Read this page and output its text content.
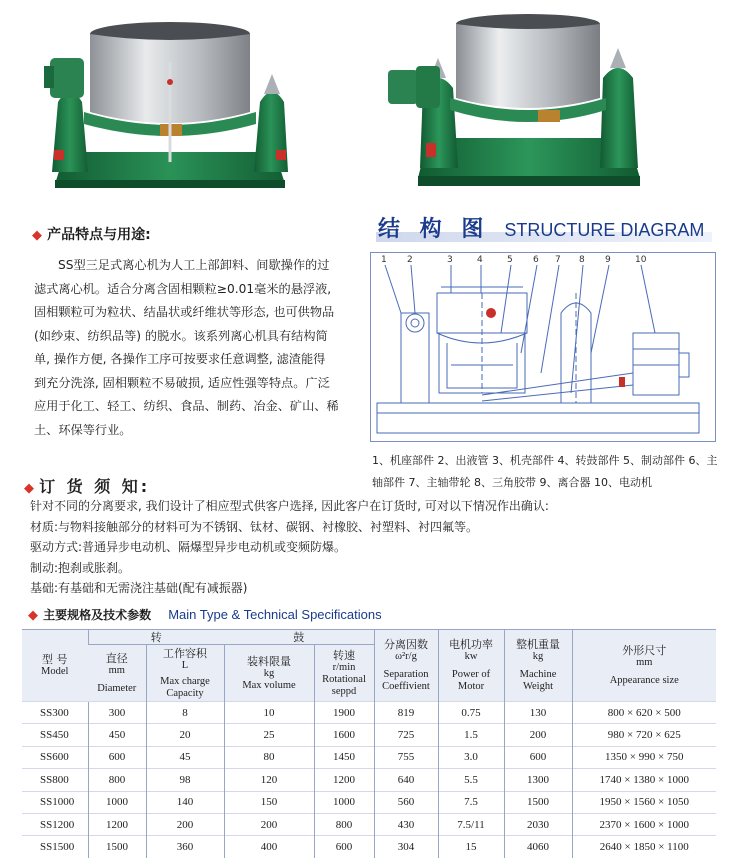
◆ 产品特点与用途:
SS型三足式离心机为人工上部卸料、间歇操作的过
滤式离心机。适合分离含固相颗粒≥0.01毫米的悬浮液,
固相颗粒可为粒状、结晶状或纤维状等形态, 也可供物品
(如纱束、纺织品等) 的脱水。该系列离心机具有结构简
单, 操作方便, 各操作工序可按要求任意调整, 滤渣能得
到充分洗涤, 固相颗粒不易破损, 适应性强等特点。广泛
应用于化工、轻工、纺织、食品、制药、冶金、矿山、稀
土、环保等行业。
结 构 图 STRUCTURE DIAGRAM
1 2	3	4	5 6 7 8 9	10
1、机座部件 2、出液管 3、机壳部件 4、转鼓部件 5、制动部件 6、主
轴部件 7、主轴带轮 8、三角胶带 9、离合器 10、电动机
◆ 订 货 须 知:
针对不同的分离要求, 我们设计了相应型式供客户选择, 因此客户在订货时, 可对以下情况作出确认:
材质:与物料接触部分的材料可为不锈钢、钛材、碳钢、衬橡胶、衬塑料、衬四氟等。
驱动方式:普通异步电动机、隔爆型异步电动机或变频防爆。
制动:抱刹或胀刹。
基础:有基础和无需浇注基础(配有减振器)
◆ 主要规格及技术参数 Main Type & Technical Specifications
型 号
Model	转		鼓		分离因数
ω²r/g
Separation Coeffivient	电机功率
kw
Power of Motor	整机重量
kg
Machine Weight	外形尺寸
mm
Appearance size

	直径
mm
Diameter	工作容积
L
Max charge Capacity	装料限量
kg
Max volume	转速
r/min
Rotational seppd				

SS300	300	8	10	1900	819	0.75	130	800 × 620 × 500
SS450	450	20	25	1600	725	1.5	200	980 × 720 × 625
SS600	600	45	80	1450	755	3.0	600	1350 × 990 × 750
SS800	800	98	120	1200	640	5.5	1300	1740 × 1380 × 1000
SS1000	1000	140	150	1000	560	7.5	1500	1950 × 1560 × 1050
SS1200	1200	200	200	800	430	7.5/11	2030	2370 × 1600 × 1000
SS1500	1500	360	400	600	304	15	4060	2640 × 1850 × 1100
